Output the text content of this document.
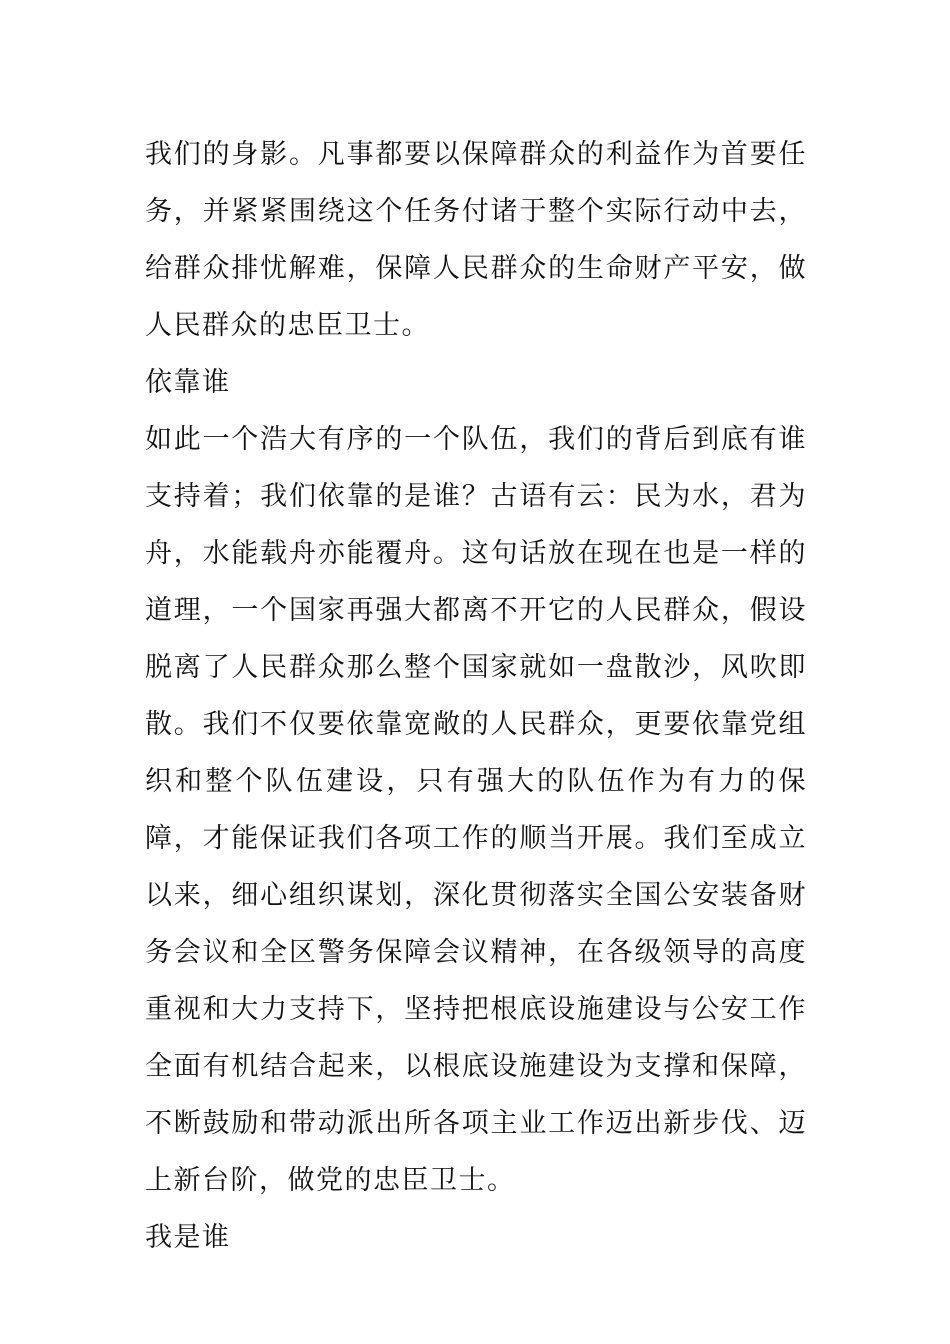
我们的身影。凡事都要以保障群众的利益作为首要任务，并紧紧围绕这个任务付诸于整个实际行动中去，给群众排忧解难，保障人民群众的生命财产平安，做人民群众的忠臣卫士。

依靠谁

如此一个浩大有序的一个队伍，我们的背后到底有谁支持着；我们依靠的是谁？古语有云：民为水，君为舟，水能载舟亦能覆舟。这句话放在现在也是一样的道理，一个国家再强大都离不开它的人民群众，假设脱离了人民群众那么整个国家就如一盘散沙，风吹即散。我们不仅要依靠宽敞的人民群众，更要依靠党组织和整个队伍建设，只有强大的队伍作为有力的保障，才能保证我们各项工作的顺当开展。我们至成立以来，细心组织谋划，深化贯彻落实全国公安装备财务会议和全区警务保障会议精神，在各级领导的高度重视和大力支持下，坚持把根底设施建设与公安工作全面有机结合起来，以根底设施建设为支撑和保障，不断鼓励和带动派出所各项主业工作迈出新步伐、迈上新台阶，做党的忠臣卫士。

我是谁
